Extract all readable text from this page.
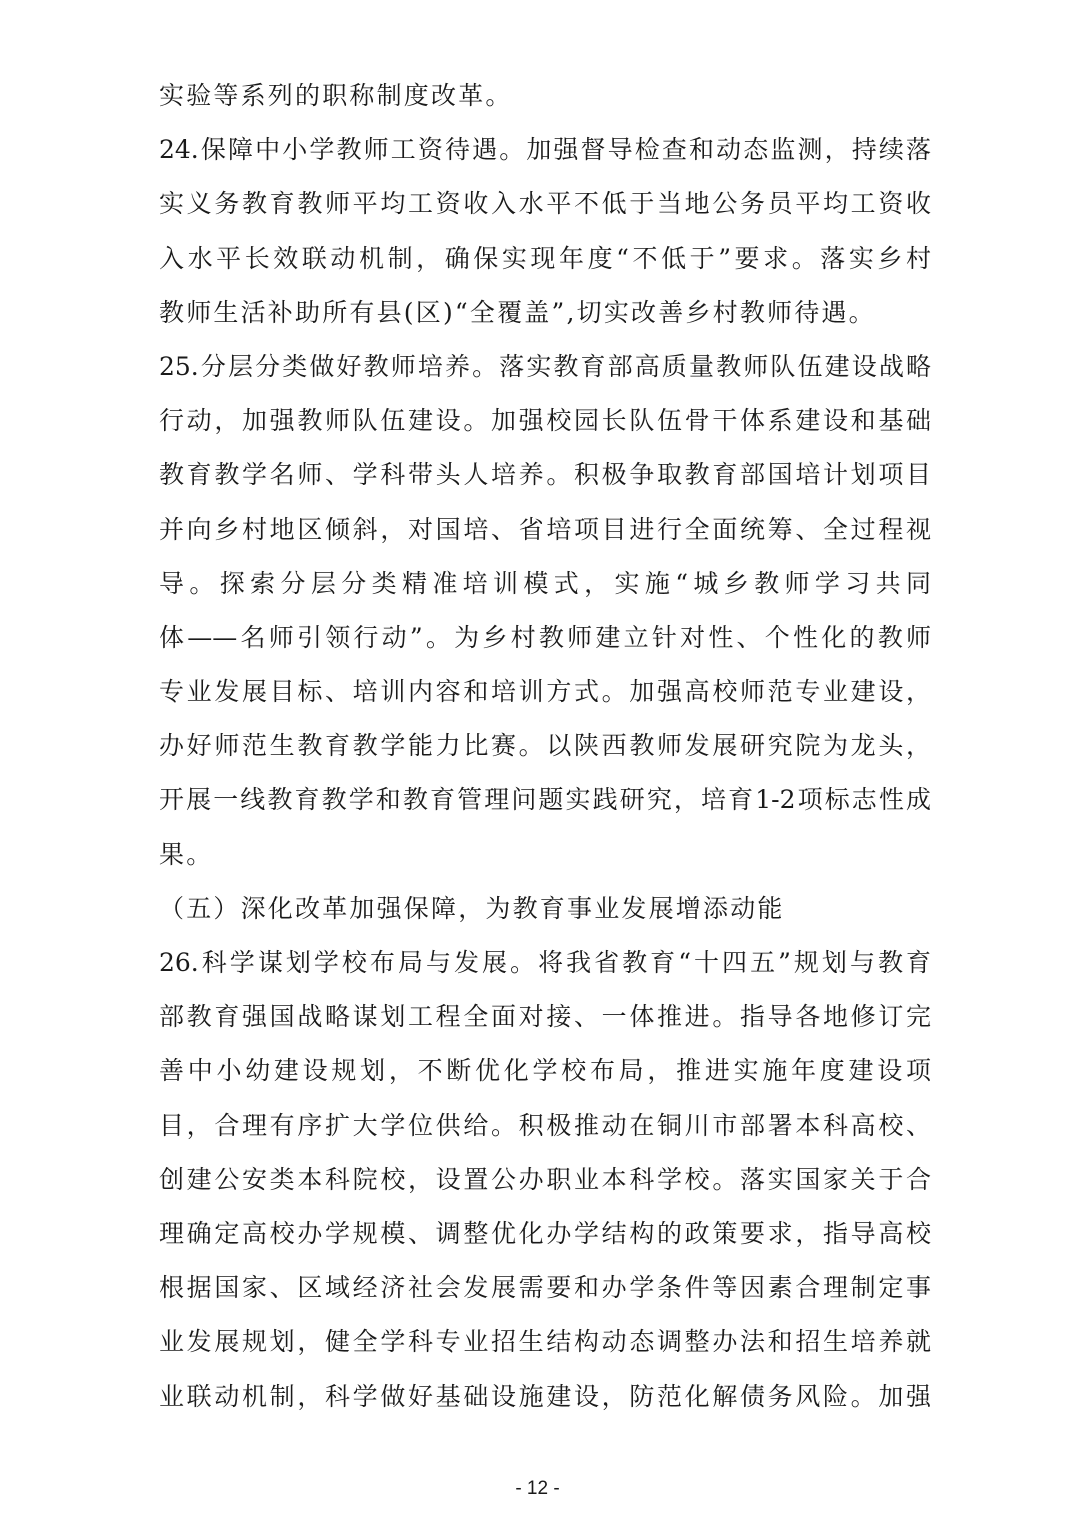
实验等系列的职称制度改革。
24.保障中小学教师工资待遇。加强督导检查和动态监测，持续落
实义务教育教师平均工资收入水平不低于当地公务员平均工资收
入水平长效联动机制，确保实现年度“不低于”要求。落实乡村
教师生活补助所有县(区)“全覆盖”,切实改善乡村教师待遇。
25.分层分类做好教师培养。落实教育部高质量教师队伍建设战略
行动，加强教师队伍建设。加强校园长队伍骨干体系建设和基础
教育教学名师、学科带头人培养。积极争取教育部国培计划项目
并向乡村地区倾斜，对国培、省培项目进行全面统筹、全过程视
导。探索分层分类精准培训模式，实施“城乡教师学习共同
体——名师引领行动”。为乡村教师建立针对性、个性化的教师
专业发展目标、培训内容和培训方式。加强高校师范专业建设，
办好师范生教育教学能力比赛。以陕西教师发展研究院为龙头，
开展一线教育教学和教育管理问题实践研究，培育1-2项标志性成
果。
（五）深化改革加强保障，为教育事业发展增添动能
26.科学谋划学校布局与发展。将我省教育“十四五”规划与教育
部教育强国战略谋划工程全面对接、一体推进。指导各地修订完
善中小幼建设规划，不断优化学校布局，推进实施年度建设项
目，合理有序扩大学位供给。积极推动在铜川市部署本科高校、
创建公安类本科院校，设置公办职业本科学校。落实国家关于合
理确定高校办学规模、调整优化办学结构的政策要求，指导高校
根据国家、区域经济社会发展需要和办学条件等因素合理制定事
业发展规划，健全学科专业招生结构动态调整办法和招生培养就
业联动机制，科学做好基础设施建设，防范化解债务风险。加强
- 12 -
